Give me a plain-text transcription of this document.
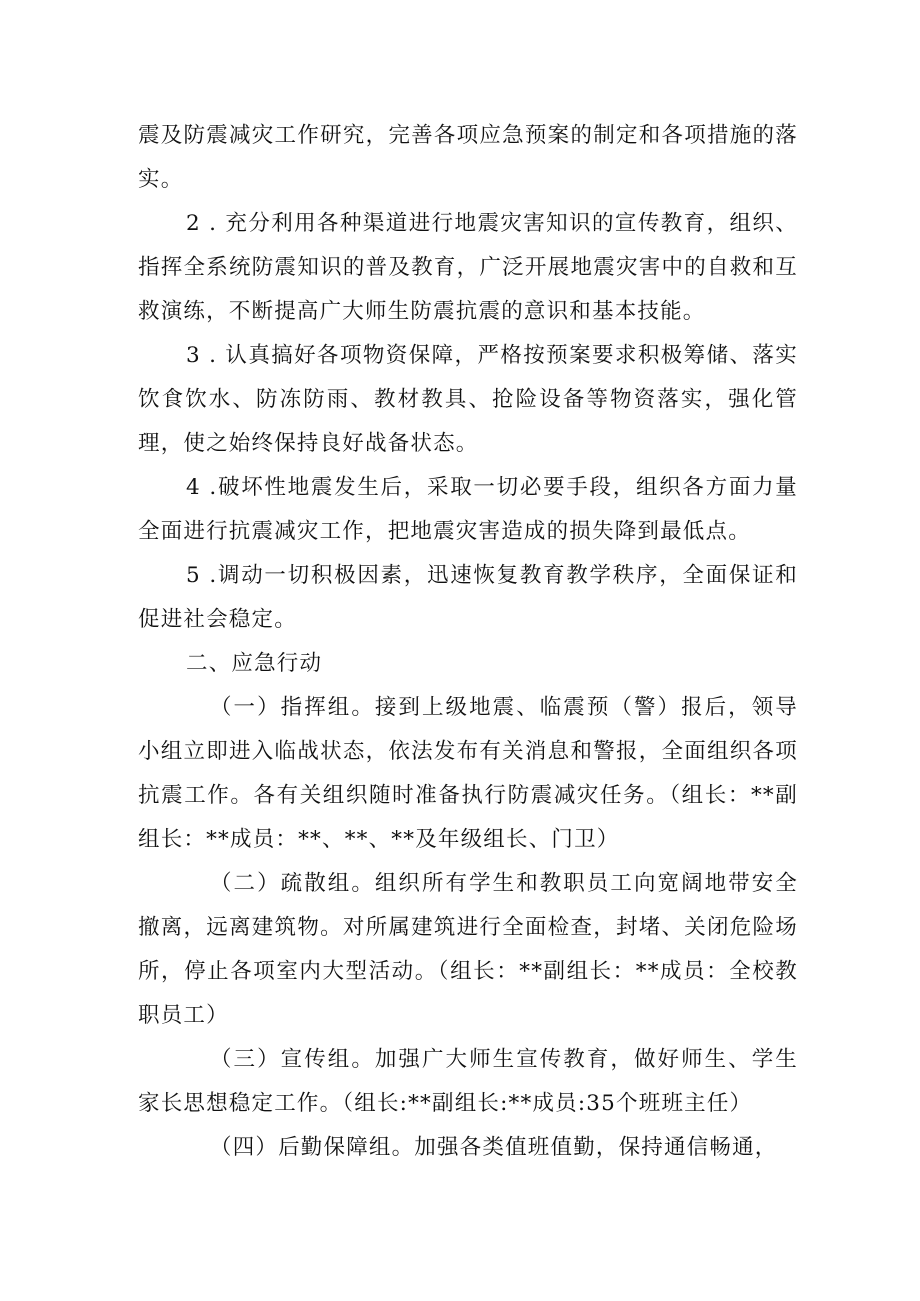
震及防震减灾工作研究，完善各项应急预案的制定和各项措施的落实。

2 . 充分利用各种渠道进行地震灾害知识的宣传教育，组织、指挥全系统防震知识的普及教育，广泛开展地震灾害中的自救和互救演练，不断提高广大师生防震抗震的意识和基本技能。

3 . 认真搞好各项物资保障，严格按预案要求积极筹储、落实饮食饮水、防冻防雨、教材教具、抢险设备等物资落实，强化管理，使之始终保持良好战备状态。

4 .破坏性地震发生后，采取一切必要手段，组织各方面力量全面进行抗震减灾工作，把地震灾害造成的损失降到最低点。

5 .调动一切积极因素，迅速恢复教育教学秩序，全面保证和促进社会稳定。

二、应急行动

（一）指挥组。接到上级地震、临震预（警）报后，领导小组立即进入临战状态，依法发布有关消息和警报，全面组织各项抗震工作。各有关组织随时准备执行防震减灾任务。（组长：**副组长：**成员：**、**、**及年级组长、门卫）

（二）疏散组。组织所有学生和教职员工向宽阔地带安全撤离，远离建筑物。对所属建筑进行全面检查，封堵、关闭危险场所，停止各项室内大型活动。（组长：**副组长：**成员：全校教职员工）

（三）宣传组。加强广大师生宣传教育，做好师生、学生家长思想稳定工作。（组长:**副组长:**成员:35个班班主任）

（四）后勤保障组。加强各类值班值勤，保持通信畅通，
